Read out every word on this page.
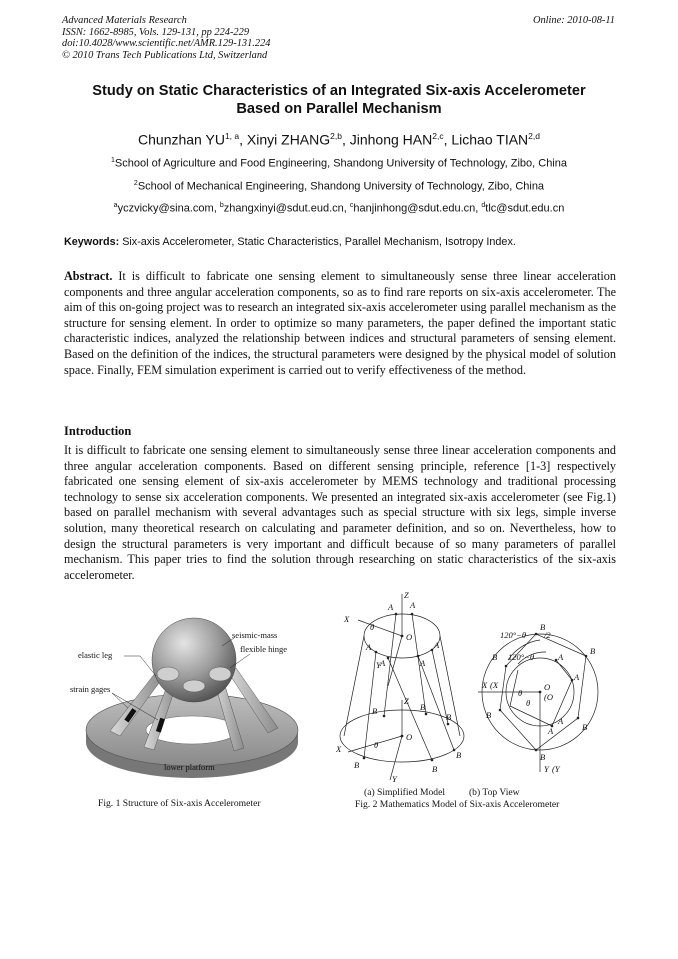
Advanced Materials Research
ISSN: 1662-8985, Vols. 129-131, pp 224-229
doi:10.4028/www.scientific.net/AMR.129-131.224
© 2010 Trans Tech Publications Ltd, Switzerland
Online: 2010-08-11
Study on Static Characteristics of an Integrated Six-axis Accelerometer
Based on Parallel Mechanism
Chunzhan YU$^{1, a}$, Xinyi ZHANG$^{2,b}$, Jinhong HAN$^{2,c}$, Lichao TIAN$^{2,d}$
$^1$School of Agriculture and Food Engineering, Shandong University of Technology, Zibo, China
$^2$School of Mechanical Engineering, Shandong University of Technology, Zibo, China
$^a$yczvicky@sina.com, $^b$zhangxinyi@sdut.eud.cn, $^c$hanjinhong@sdut.edu.cn, $^d$tlc@sdut.edu.cn
Keywords: Six-axis Accelerometer, Static Characteristics, Parallel Mechanism, Isotropy Index.
Abstract. It is difficult to fabricate one sensing element to simultaneously sense three linear acceleration components and three angular acceleration components, so as to find rare reports on six-axis accelerometer. The aim of this on-going project was to research an integrated six-axis accelerometer using parallel mechanism as the structure for sensing element. In order to optimize so many parameters, the paper defined the important static characteristic indices, analyzed the relationship between indices and structural parameters of sensing element. Based on the definition of the indices, the structural parameters were designed by the physical model of solution space. Finally, FEM simulation experiment is carried out to verify effectiveness of the method.
Introduction
It is difficult to fabricate one sensing element to simultaneously sense three linear acceleration components and three angular acceleration components. Based on different sensing principle, reference [1-3] respectively fabricated one sensing element of six-axis accelerometer by MEMS technology and traditional processing technology to sense six acceleration components. We presented an integrated six-axis accelerometer (see Fig.1) based on parallel mechanism with several advantages such as special structure with six legs, simple inverse solution, many theoretical research on calculating and parameter definition, and so on. Nevertheless, how to design the structural parameters is very important and difficult because of so many parameters of parallel mechanism. This paper tries to find the solution through researching on static characteristics of the six-axis accelerometer.
elastic leg
seismic-mass
flexible hinge
strain gages
lower platform
Fig. 1 Structure of Six-axis Accelerometer
Z
X
O
Y
θ
A A
A
A
A
A
Z
X
O
Y
θ
B	B
B
B
B
B
B
B
B
B
B
B
A
A
A
A
X (X	O
(O
Y (Y
120°−θ
120°−θ
/2
θ
θ
(a) Simplified Model          (b) Top View
Fig. 2 Mathematics Model of Six-axis Accelerometer
